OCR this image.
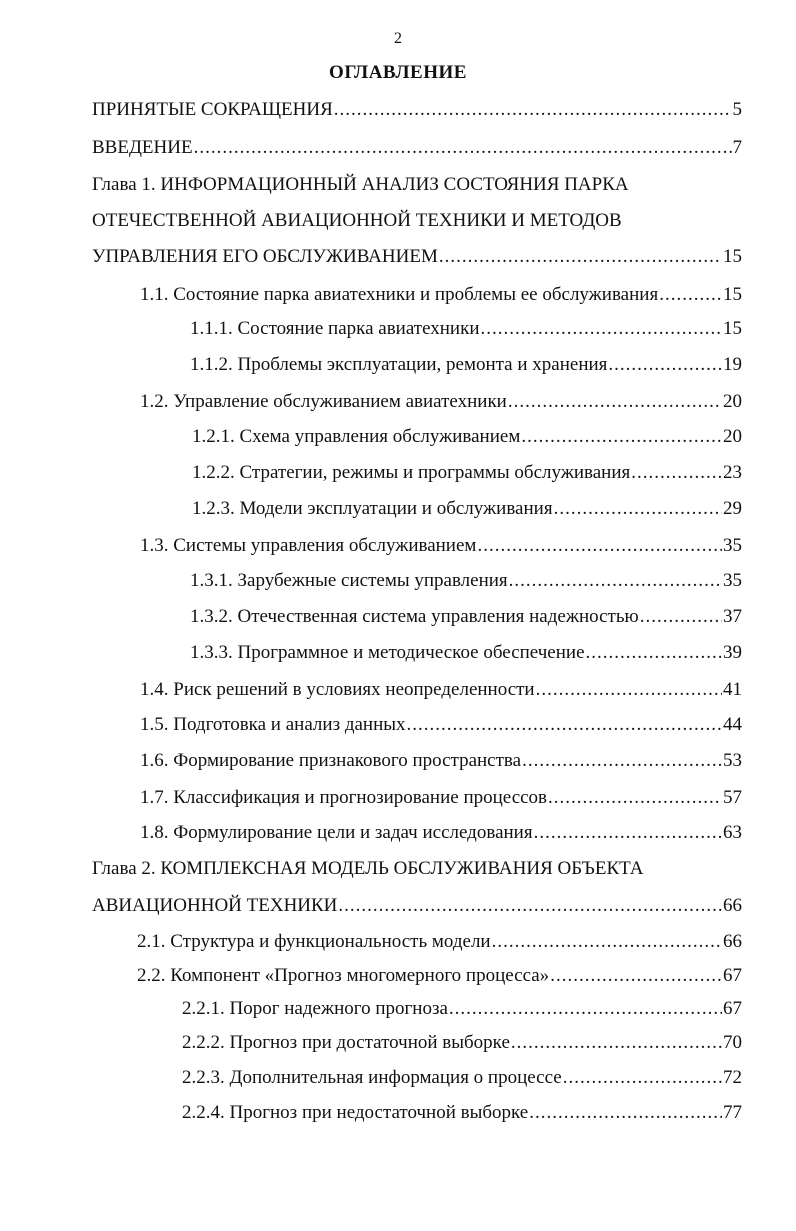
2
ОГЛАВЛЕНИЕ
ПРИНЯТЫЕ СОКРАЩЕНИЯ .....	5
ВВЕДЕНИЕ .....	7
Глава 1. ИНФОРМАЦИОННЫЙ АНАЛИЗ СОСТОЯНИЯ ПАРКА
ОТЕЧЕСТВЕННОЙ АВИАЦИОННОЙ ТЕХНИКИ И МЕТОДОВ
УПРАВЛЕНИЯ ЕГО ОБСЛУЖИВАНИЕМ .....	15
1.1. Состояние парка авиатехники и проблемы ее обслуживания .....	15
1.1.1. Состояние парка авиатехники .....	15
1.1.2. Проблемы эксплуатации, ремонта и хранения .....	19
1.2. Управление обслуживанием авиатехники .....	20
1.2.1. Схема управления обслуживанием .....	20
1.2.2. Стратегии, режимы и программы обслуживания .....	23
1.2.3. Модели эксплуатации и обслуживания .....	29
1.3. Системы управления обслуживанием .....	35
1.3.1. Зарубежные системы управления .....	35
1.3.2. Отечественная система управления надежностью .....	37
1.3.3. Программное и методическое обеспечение .....	39
1.4. Риск решений в условиях неопределенности .....	41
1.5. Подготовка и анализ данных .....	44
1.6. Формирование признакового пространства .....	53
1.7. Классификация и прогнозирование процессов .....	57
1.8. Формулирование цели и задач исследования .....	63
Глава 2. КОМПЛЕКСНАЯ МОДЕЛЬ ОБСЛУЖИВАНИЯ ОБЪЕКТА
АВИАЦИОННОЙ ТЕХНИКИ .....	66
2.1. Структура и функциональность модели .....	66
2.2. Компонент «Прогноз многомерного процесса» .....	67
2.2.1. Порог надежного прогноза .....	67
2.2.2. Прогноз при достаточной выборке .....	70
2.2.3. Дополнительная информация о процессе .....	72
2.2.4. Прогноз при недостаточной выборке .....	77
